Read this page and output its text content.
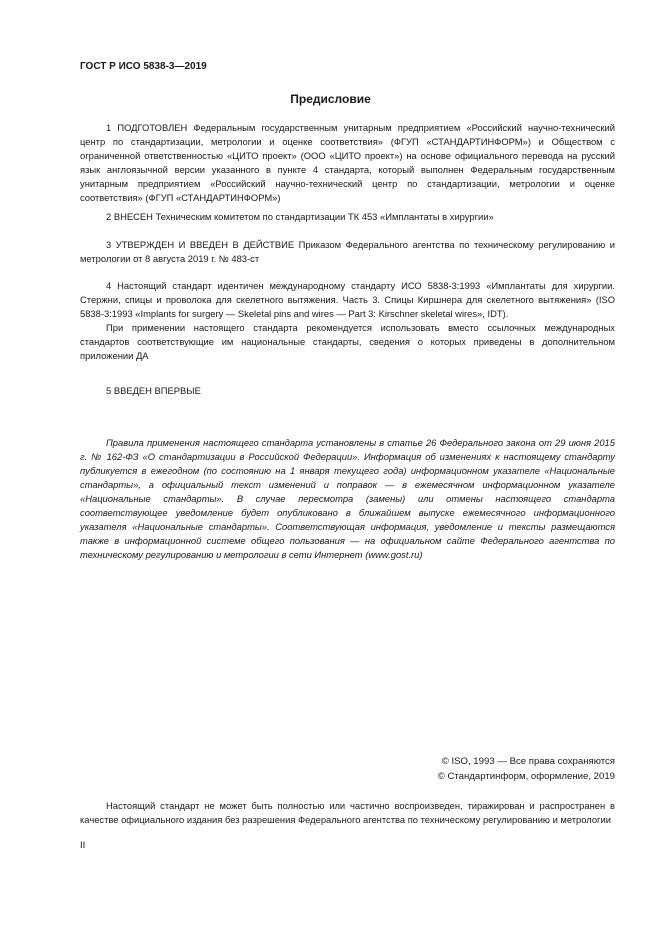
ГОСТ Р ИСО 5838-3—2019
Предисловие

1 ПОДГОТОВЛЕН Федеральным государственным унитарным предприятием «Российский научно-технический центр по стандартизации, метрологии и оценке соответствия» (ФГУП «СТАНДАРТИНФОРМ») и Обществом с ограниченной ответственностью «ЦИТО проект» (ООО «ЦИТО проект») на основе официального перевода на русский язык англоязычной версии указанного в пункте 4 стандарта, который выполнен Федеральным государственным унитарным предприятием «Российский научно-технический центр по стандартизации, метрологии и оценке соответствия» (ФГУП «СТАНДАРТИНФОРМ»)

2 ВНЕСЕН Техническим комитетом по стандартизации ТК 453 «Имплантаты в хирургии»

3 УТВЕРЖДЕН И ВВЕДЕН В ДЕЙСТВИЕ Приказом Федерального агентства по техническому регулированию и метрологии от 8 августа 2019 г. № 483-ст

4 Настоящий стандарт идентичен международному стандарту ИСО 5838-3:1993 «Имплантаты для хирургии. Стержни, спицы и проволока для скелетного вытяжения. Часть 3. Спицы Киршнера для скелетного вытяжения» (ISO 5838-3:1993 «Implants for surgery — Skeletal pins and wires — Part 3: Kirschner skeletal wires», IDT).

При применении настоящего стандарта рекомендуется использовать вместо ссылочных международных стандартов соответствующие им национальные стандарты, сведения о которых приведены в дополнительном приложении ДА

5 ВВЕДЕН ВПЕРВЫЕ

Правила применения настоящего стандарта установлены в статье 26 Федерального закона от 29 июня 2015 г. № 162-ФЗ «О стандартизации в Российской Федерации». Информация об изменениях к настоящему стандарту публикуется в ежегодном (по состоянию на 1 января текущего года) информационном указателе «Национальные стандарты», а официальный текст изменений и поправок — в ежемесячном информационном указателе «Национальные стандарты». В случае пересмотра (замены) или отмены настоящего стандарта соответствующее уведомление будет опубликовано в ближайшем выпуске ежемесячного информационного указателя «Национальные стандарты». Соответствующая информация, уведомление и тексты размещаются также в информационной системе общего пользования — на официальном сайте Федерального агентства по техническому регулированию и метрологии в сети Интернет (www.gost.ru)

© ISO, 1993 — Все права сохраняются
© Стандартинформ, оформление, 2019

Настоящий стандарт не может быть полностью или частично воспроизведен, тиражирован и распространен в качестве официального издания без разрешения Федерального агентства по техническому регулированию и метрологии

II
